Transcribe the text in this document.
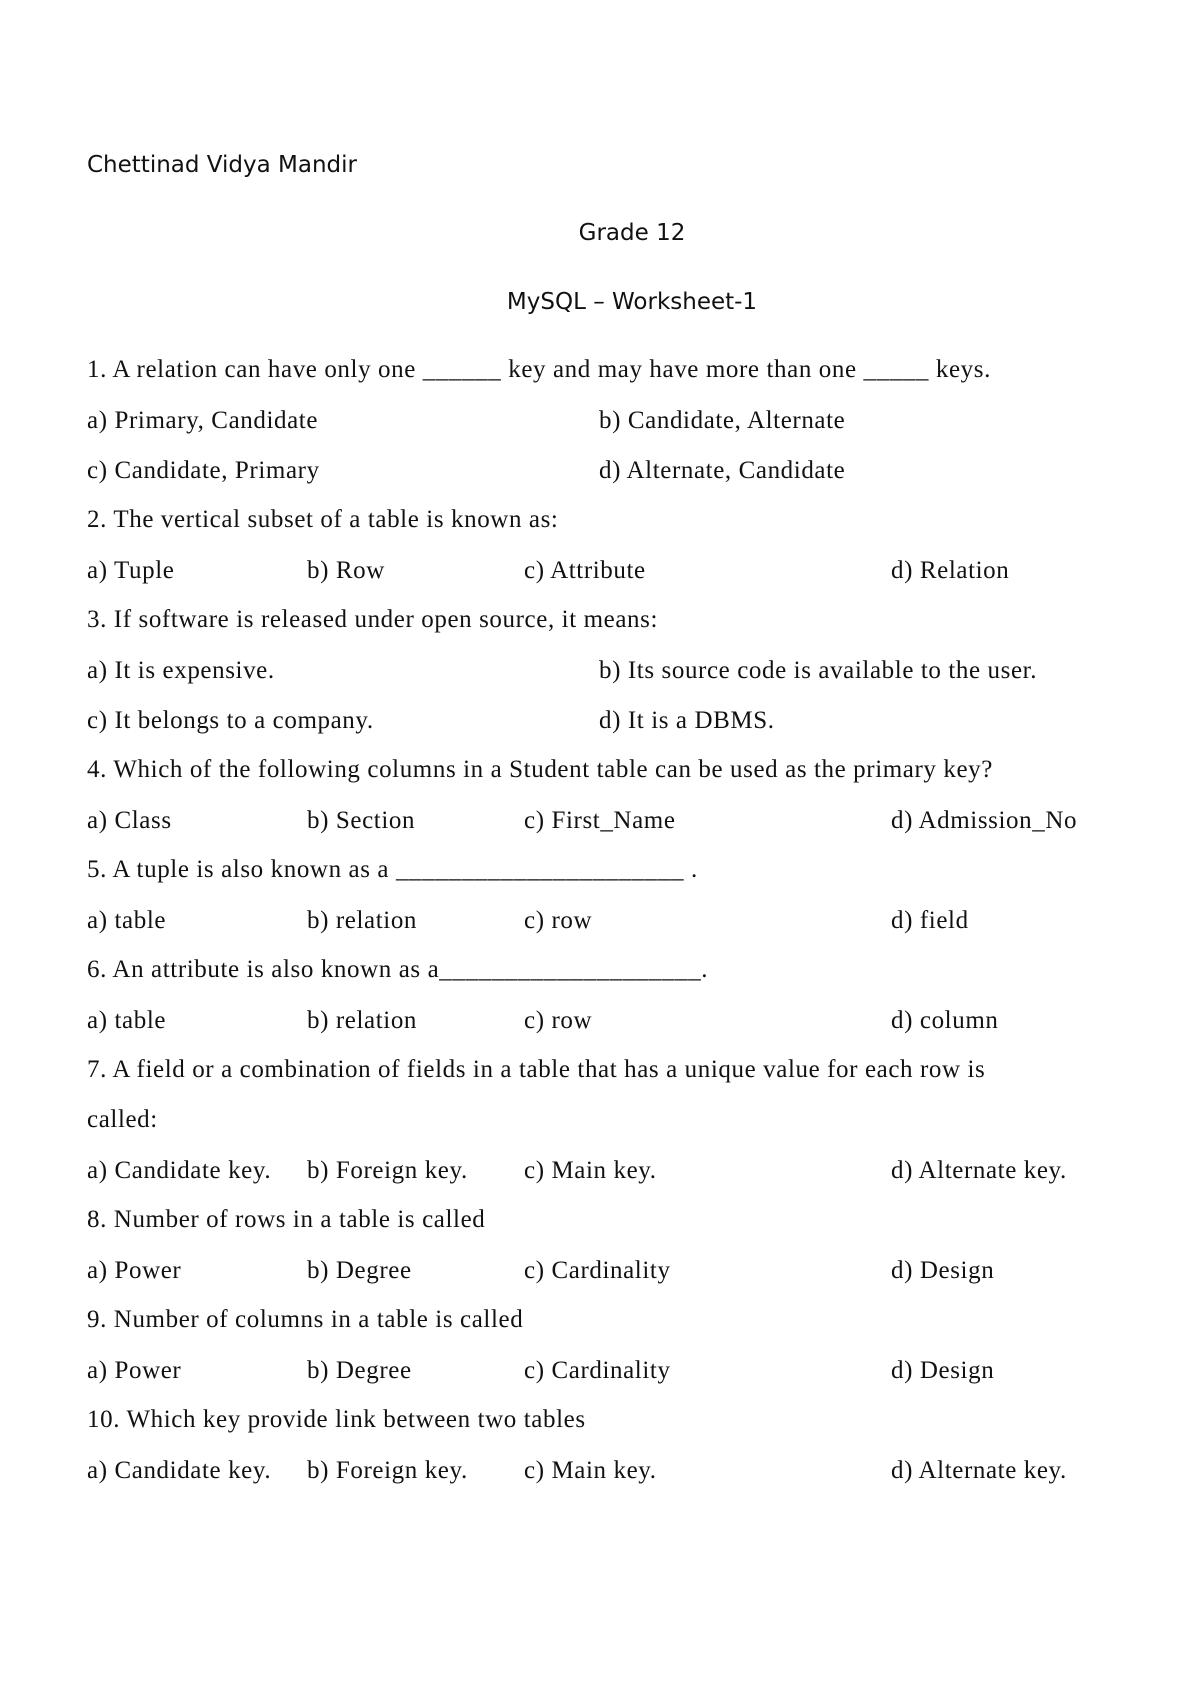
Chettinad Vidya Mandir
Grade 12
MySQL – Worksheet-1
1. A relation can have only one ______ key and may have more than one _____ keys.
a) Primary, Candidate	b) Candidate, Alternate
c) Candidate, Primary	d) Alternate, Candidate
2. The vertical subset of a table is known as:
a) Tuple	b) Row	c) Attribute	d) Relation
3. If software is released under open source, it means:
a) It is expensive.	b) Its source code is available to the user.
c) It belongs to a company.	d) It is a DBMS.
4. Which of the following columns in a Student table can be used as the primary key?
a) Class	b) Section	c) First_Name	d) Admission_No
5. A tuple is also known as a ______________________ .
a) table	b) relation	c) row	d) field
6. An attribute is also known as a____________________.
a) table	b) relation	c) row	d) column
7. A field or a combination of fields in a table that has a unique value for each row is
called:
a) Candidate key. b) Foreign key. c) Main key.	d) Alternate key.
8. Number of rows in a table is called
a) Power	b) Degree	c) Cardinality	d) Design
9. Number of columns in a table is called
a) Power	b) Degree	c) Cardinality	d) Design
10. Which key provide link between two tables
a) Candidate key. b) Foreign key. c) Main key.	d) Alternate key.
